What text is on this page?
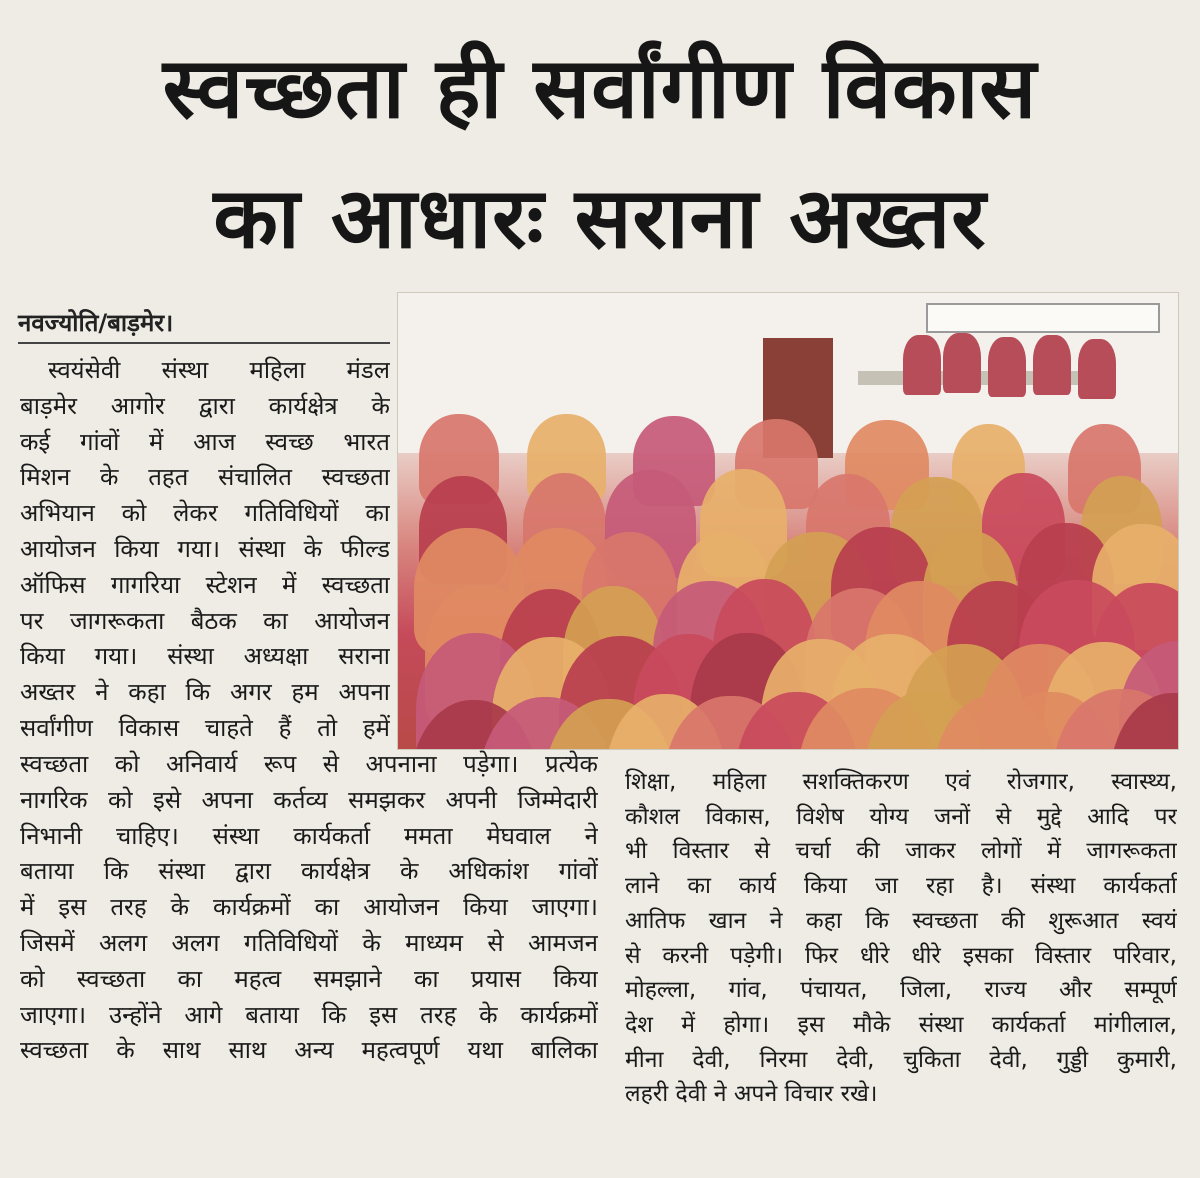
स्वच्छता ही सर्वांगीण विकास
का आधारः सराना अख्तर
नवज्योति/बाड़मेर।
स्वयंसेवी संस्था महिला मंडल
बाड़मेर आगोर द्वारा कार्यक्षेत्र के
कई गांवों में आज स्वच्छ भारत
मिशन के तहत संचालित स्वच्छता
अभियान को लेकर गतिविधियों का
आयोजन किया गया। संस्था के फील्ड
ऑफिस गागरिया स्टेशन में स्वच्छता
पर जागरूकता बैठक का आयोजन
किया गया। संस्था अध्यक्षा सराना
अख्तर ने कहा कि अगर हम अपना
सर्वांगीण विकास चाहते हैं तो हमें
स्वच्छता को अनिवार्य रूप से अपनाना पड़ेगा। प्रत्येक
नागरिक को इसे अपना कर्तव्य समझकर अपनी जिम्मेदारी
निभानी चाहिए। संस्था कार्यकर्ता ममता मेघवाल ने
बताया कि संस्था द्वारा कार्यक्षेत्र के अधिकांश गांवों
में इस तरह के कार्यक्रमों का आयोजन किया जाएगा।
जिसमें अलग अलग गतिविधियों के माध्यम से आमजन
को स्वच्छता का महत्व समझाने का प्रयास किया
जाएगा। उन्होंने आगे बताया कि इस तरह के कार्यक्रमों
स्वच्छता के साथ साथ अन्य महत्वपूर्ण यथा बालिका
शिक्षा, महिला सशक्तिकरण एवं रोजगार, स्वास्थ्य,
कौशल विकास, विशेष योग्य जनों से मुद्दे आदि पर
भी विस्तार से चर्चा की जाकर लोगों में जागरूकता
लाने का कार्य किया जा रहा है। संस्था कार्यकर्ता
आतिफ खान ने कहा कि स्वच्छता की शुरूआत स्वयं
से करनी पड़ेगी। फिर धीरे धीरे इसका विस्तार परिवार,
मोहल्ला, गांव, पंचायत, जिला, राज्य और सम्पूर्ण
देश में होगा। इस मौके संस्था कार्यकर्ता मांगीलाल,
मीना देवी, निरमा देवी, चुकिता देवी, गुड्डी कुमारी,
लहरी देवी ने अपने विचार रखे।
